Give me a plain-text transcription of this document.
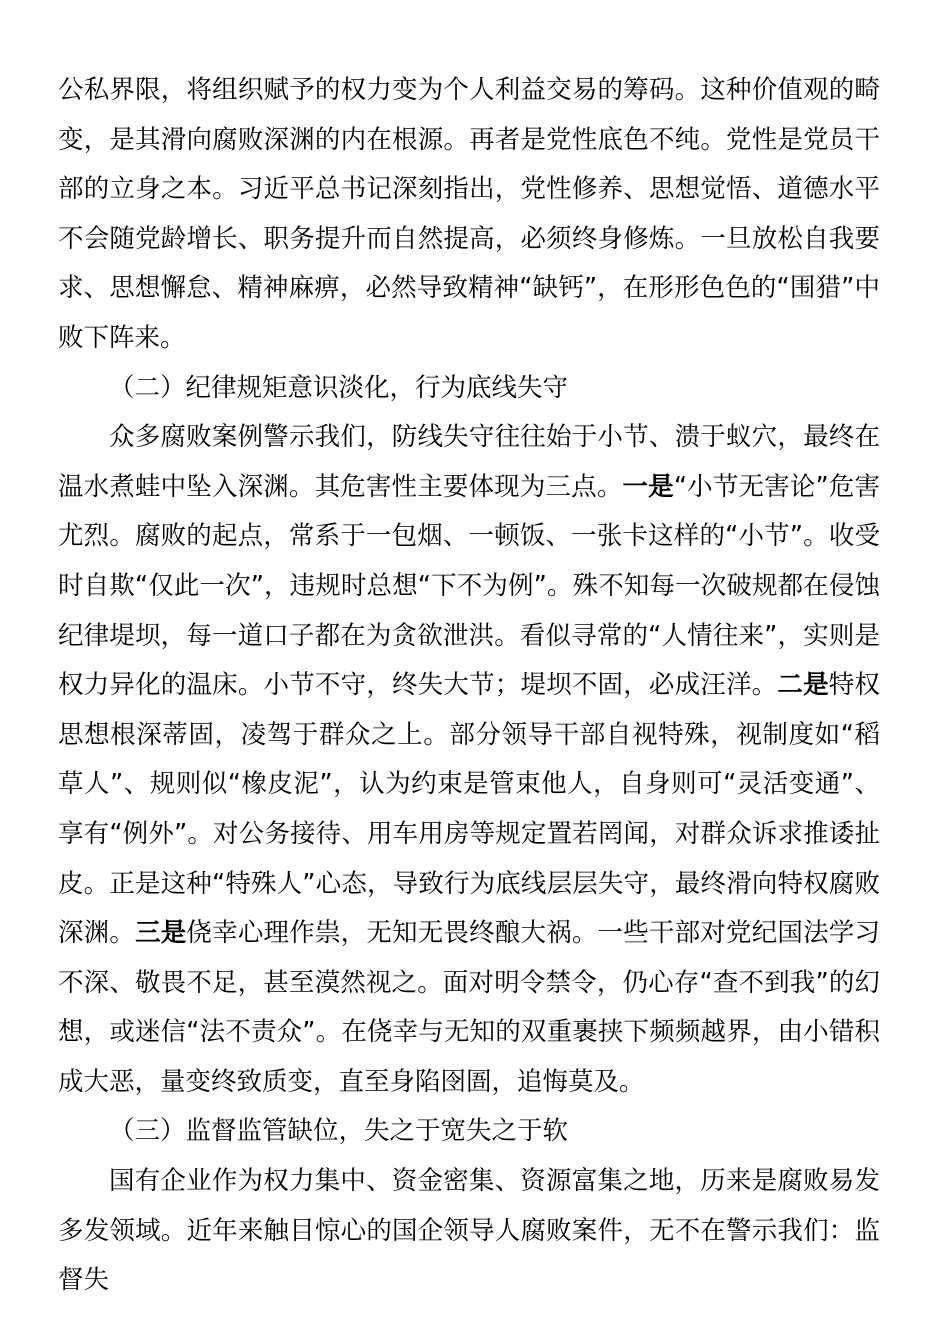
公私界限，将组织赋予的权力变为个人利益交易的筹码。这种价值观的畸变，是其滑向腐败深渊的内在根源。再者是党性底色不纯。党性是党员干部的立身之本。习近平总书记深刻指出，党性修养、思想觉悟、道德水平不会随党龄增长、职务提升而自然提高，必须终身修炼。一旦放松自我要求、思想懈怠、精神麻痹，必然导致精神“缺钙”，在形形色色的“围猎”中败下阵来。

（二）纪律规矩意识淡化，行为底线失守

众多腐败案例警示我们，防线失守往往始于小节、溃于蚁穴，最终在温水煮蛙中坠入深渊。其危害性主要体现为三点。一是“小节无害论”危害尤烈。腐败的起点，常系于一包烟、一顿饭、一张卡这样的“小节”。收受时自欺“仅此一次”，违规时总想“下不为例”。殊不知每一次破规都在侵蚀纪律堤坝，每一道口子都在为贪欲泄洪。看似寻常的“人情往来”，实则是权力异化的温床。小节不守，终失大节；堤坝不固，必成汪洋。二是特权思想根深蒂固，凌驾于群众之上。部分领导干部自视特殊，视制度如“稻草人”、规则似“橡皮泥”，认为约束是管束他人，自身则可“灵活变通”、享有“例外”。对公务接待、用车用房等规定置若罔闻，对群众诉求推诿扯皮。正是这种“特殊人”心态，导致行为底线层层失守，最终滑向特权腐败深渊。三是侥幸心理作祟，无知无畏终酿大祸。一些干部对党纪国法学习不深、敬畏不足，甚至漠然视之。面对明令禁令，仍心存“查不到我”的幻想，或迷信“法不责众”。在侥幸与无知的双重裹挟下频频越界，由小错积成大恶，量变终致质变，直至身陷囹圄，追悔莫及。

（三）监督监管缺位，失之于宽失之于软

国有企业作为权力集中、资金密集、资源富集之地，历来是腐败易发多发领域。近年来触目惊心的国企领导人腐败案件，无不在警示我们：监督失
